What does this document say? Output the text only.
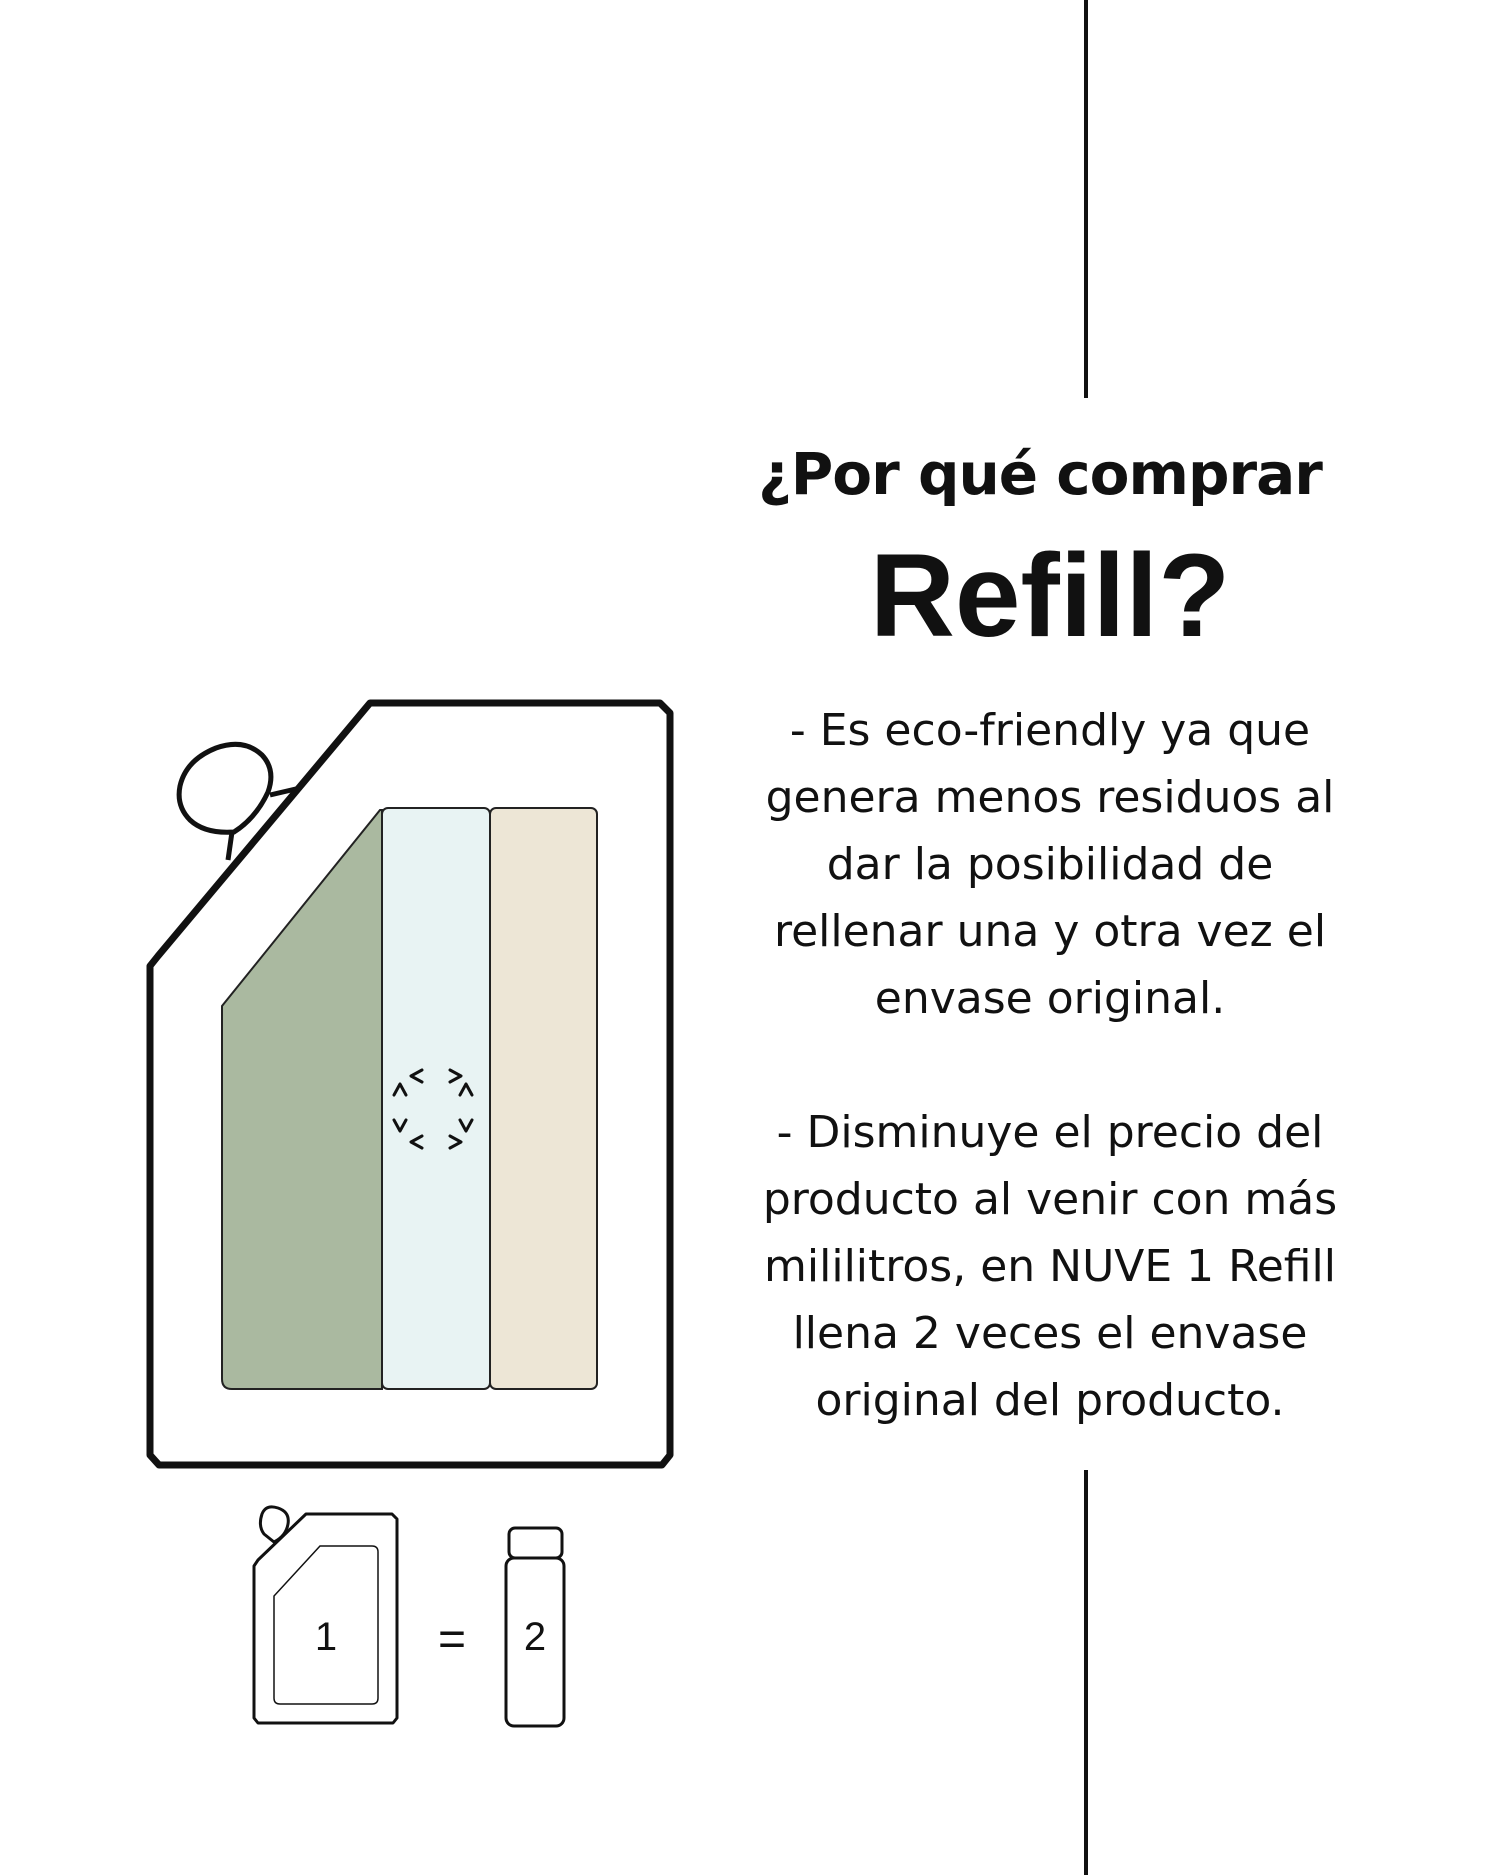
1 = 2
¿Por qué comprar
Refill?
- Es eco-friendly ya que
genera menos residuos al
dar la posibilidad de
rellenar una y otra vez el
envase original.
- Disminuye el precio del
producto al venir con más
mililitros, en NUVE 1 Refill
llena 2 veces el envase
original del producto.
